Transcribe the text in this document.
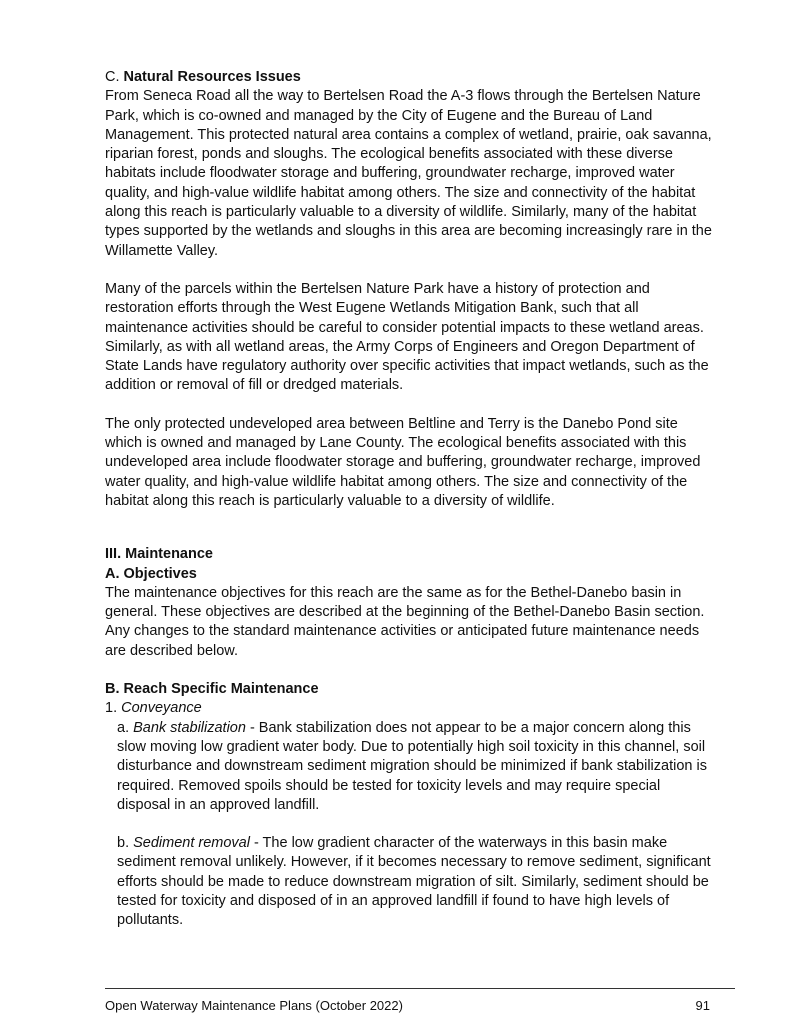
C. Natural Resources Issues

From Seneca Road all the way to Bertelsen Road the A-3 flows through the Bertelsen Nature Park, which is co-owned and managed by the City of Eugene and the Bureau of Land Management. This protected natural area contains a complex of wetland, prairie, oak savanna, riparian forest, ponds and sloughs. The ecological benefits associated with these diverse habitats include floodwater storage and buffering, groundwater recharge, improved water quality, and high-value wildlife habitat among others. The size and connectivity of the habitat along this reach is particularly valuable to a diversity of wildlife. Similarly, many of the habitat types supported by the wetlands and sloughs in this area are becoming increasingly rare in the Willamette Valley.

Many of the parcels within the Bertelsen Nature Park have a history of protection and restoration efforts through the West Eugene Wetlands Mitigation Bank, such that all maintenance activities should be careful to consider potential impacts to these wetland areas. Similarly, as with all wetland areas, the Army Corps of Engineers and Oregon Department of State Lands have regulatory authority over specific activities that impact wetlands, such as the addition or removal of fill or dredged materials.

The only protected undeveloped area between Beltline and Terry is the Danebo Pond site which is owned and managed by Lane County. The ecological benefits associated with this undeveloped area include floodwater storage and buffering, groundwater recharge, improved water quality, and high-value wildlife habitat among others. The size and connectivity of the habitat along this reach is particularly valuable to a diversity of wildlife.

III. Maintenance
A. Objectives

The maintenance objectives for this reach are the same as for the Bethel-Danebo basin in general. These objectives are described at the beginning of the Bethel-Danebo Basin section. Any changes to the standard maintenance activities or anticipated future maintenance needs are described below.

B. Reach Specific Maintenance
1. Conveyance

a. Bank stabilization - Bank stabilization does not appear to be a major concern along this slow moving low gradient water body. Due to potentially high soil toxicity in this channel, soil disturbance and downstream sediment migration should be minimized if bank stabilization is required. Removed spoils should be tested for toxicity levels and may require special disposal in an approved landfill.

b. Sediment removal - The low gradient character of the waterways in this basin make sediment removal unlikely. However, if it becomes necessary to remove sediment, significant efforts should be made to reduce downstream migration of silt. Similarly, sediment should be tested for toxicity and disposed of in an approved landfill if found to have high levels of pollutants.

Open Waterway Maintenance Plans (October 2022)	91
